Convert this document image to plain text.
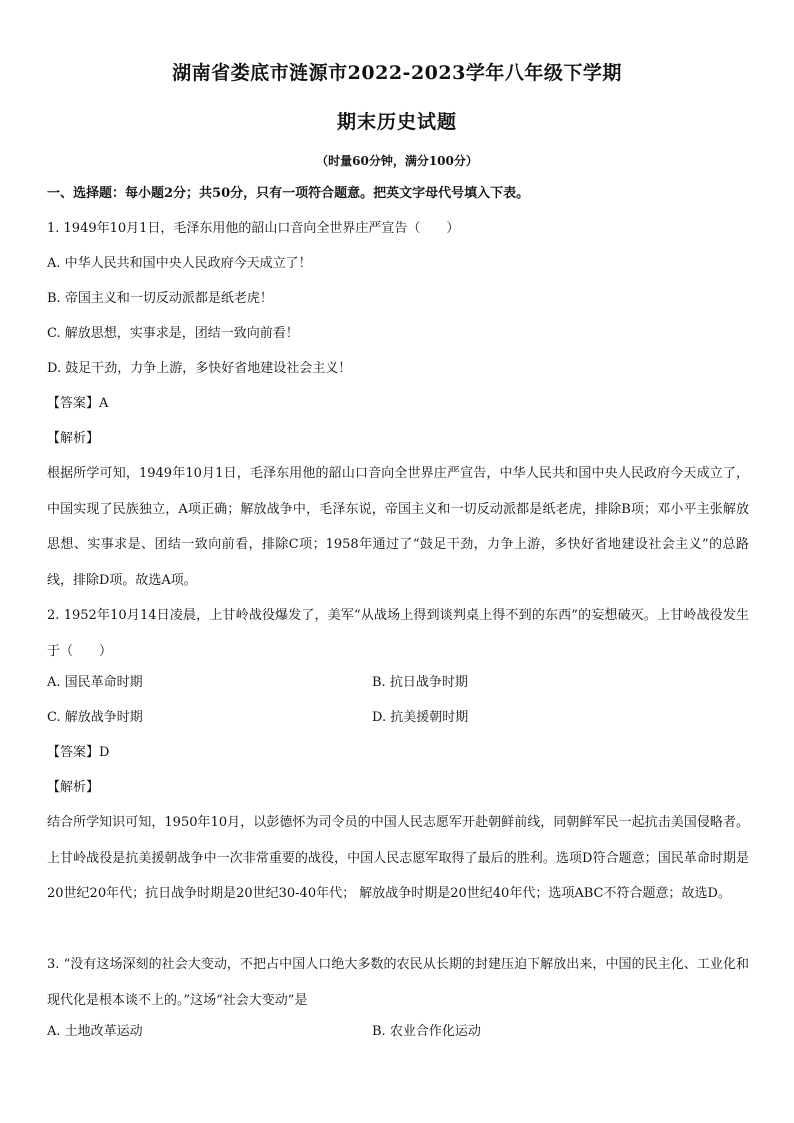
湖南省娄底市涟源市2022-2023学年八年级下学期
期末历史试题
（时量60分钟，满分100分）
一、选择题：每小题2分；共50分，只有一项符合题意。把英文字母代号填入下表。
1. 1949年10月1日，毛泽东用他的韶山口音向全世界庄严宣告（　　）
A. 中华人民共和国中央人民政府今天成立了！
B. 帝国主义和一切反动派都是纸老虎！
C. 解放思想，实事求是，团结一致向前看！
D. 鼓足干劲，力争上游，多快好省地建设社会主义！
【答案】A
【解析】
根据所学可知，1949年10月1日，毛泽东用他的韶山口音向全世界庄严宣告，中华人民共和国中央人民政府今天成立了，中国实现了民族独立，A项正确；解放战争中，毛泽东说，帝国主义和一切反动派都是纸老虎，排除B项；邓小平主张解放思想、实事求是、团结一致向前看，排除C项；1958年通过了“鼓足干劲，力争上游，多快好省地建设社会主义”的总路线，排除D项。故选A项。
2. 1952年10月14日凌晨，上甘岭战役爆发了，美军“从战场上得到谈判桌上得不到的东西”的妄想破灭。上甘岭战役发生于（　　）
A. 国民革命时期	B. 抗日战争时期
C. 解放战争时期	D. 抗美援朝时期
【答案】D
【解析】
结合所学知识可知，1950年10月，以彭德怀为司令员的中国人民志愿军开赴朝鲜前线，同朝鲜军民一起抗击美国侵略者。上甘岭战役是抗美援朝战争中一次非常重要的战役，中国人民志愿军取得了最后的胜利。选项D符合题意；国民革命时期是20世纪20年代；抗日战争时期是20世纪30-40年代； 解放战争时期是20世纪40年代；选项ABC不符合题意；故选D。
3. “没有这场深刻的社会大变动，不把占中国人口绝大多数的农民从长期的封建压迫下解放出来，中国的民主化、工业化和现代化是根本谈不上的。”这场“社会大变动”是
A. 土地改革运动	B. 农业合作化运动
